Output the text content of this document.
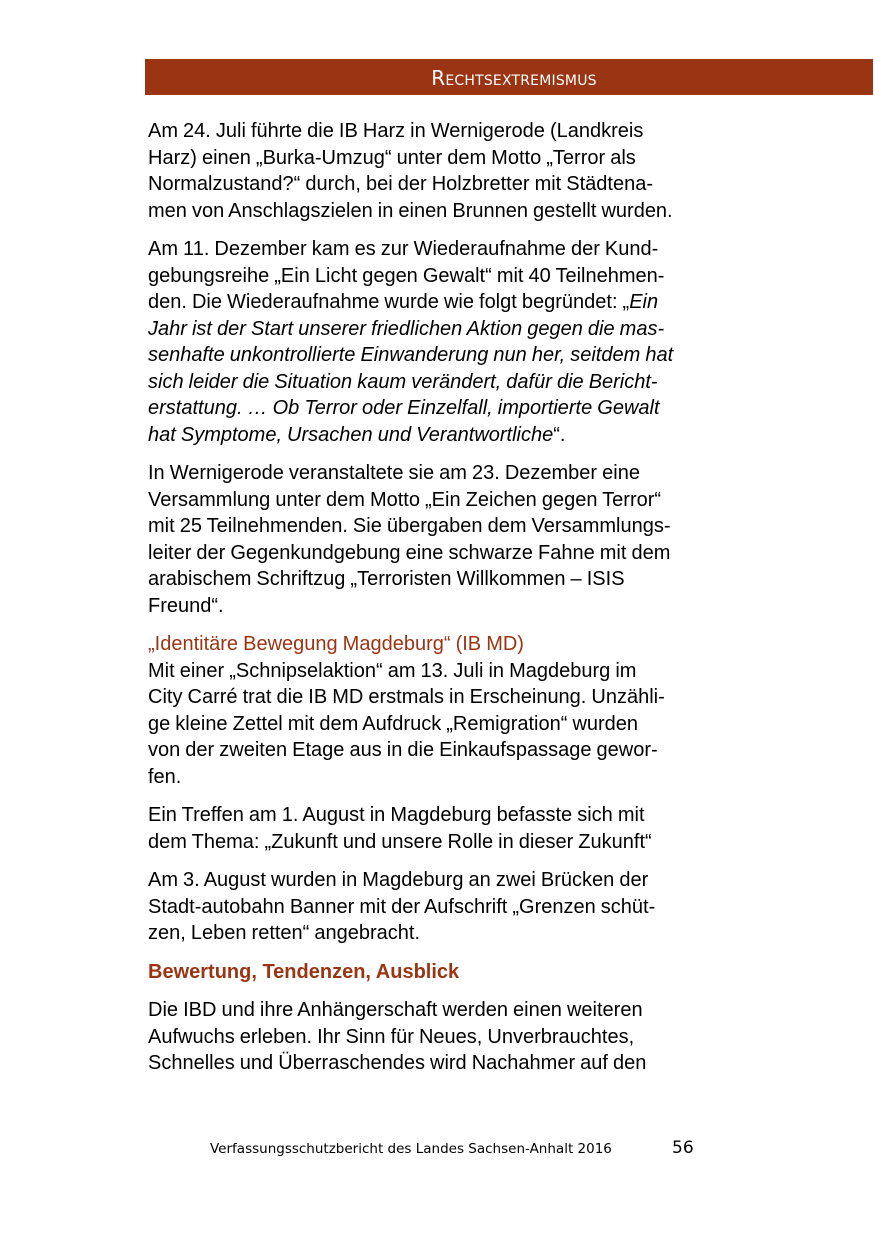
Rechtsextremismus

Am 24. Juli führte die IB Harz in Wernigerode (Landkreis
Harz) einen „Burka-Umzug“ unter dem Motto „Terror als
Normalzustand?“ durch, bei der Holzbretter mit Städtena-
men von Anschlagszielen in einen Brunnen gestellt wurden.

Am 11. Dezember kam es zur Wiederaufnahme der Kund-
gebungsreihe „Ein Licht gegen Gewalt“ mit 40 Teilnehmen-
den. Die Wiederaufnahme wurde wie folgt begründet: „Ein
Jahr ist der Start unserer friedlichen Aktion gegen die mas-
senhafte unkontrollierte Einwanderung nun her, seitdem hat
sich leider die Situation kaum verändert, dafür die Bericht-
erstattung. … Ob Terror oder Einzelfall, importierte Gewalt
hat Symptome, Ursachen und Verantwortliche“.

In Wernigerode veranstaltete sie am 23. Dezember eine
Versammlung unter dem Motto „Ein Zeichen gegen Terror“
mit 25 Teilnehmenden. Sie übergaben dem Versammlungs-
leiter der Gegenkundgebung eine schwarze Fahne mit dem
arabischem Schriftzug „Terroristen Willkommen – ISIS
Freund“.

„Identitäre Bewegung Magdeburg“ (IB MD)
Mit einer „Schnipselaktion“ am 13. Juli in Magdeburg im
City Carré trat die IB MD erstmals in Erscheinung. Unzähli-
ge kleine Zettel mit dem Aufdruck „Remigration“ wurden
von der zweiten Etage aus in die Einkaufspassage gewor-
fen.

Ein Treffen am 1. August in Magdeburg befasste sich mit
dem Thema: „Zukunft und unsere Rolle in dieser Zukunft“

Am 3. August wurden in Magdeburg an zwei Brücken der
Stadt-autobahn Banner mit der Aufschrift „Grenzen schüt-
zen, Leben retten“ angebracht.

Bewertung, Tendenzen, Ausblick

Die IBD und ihre Anhängerschaft werden einen weiteren
Aufwuchs erleben. Ihr Sinn für Neues, Unverbrauchtes,
Schnelles und Überraschendes wird Nachahmer auf den

Verfassungsschutzbericht des Landes Sachsen-Anhalt 2016	56
